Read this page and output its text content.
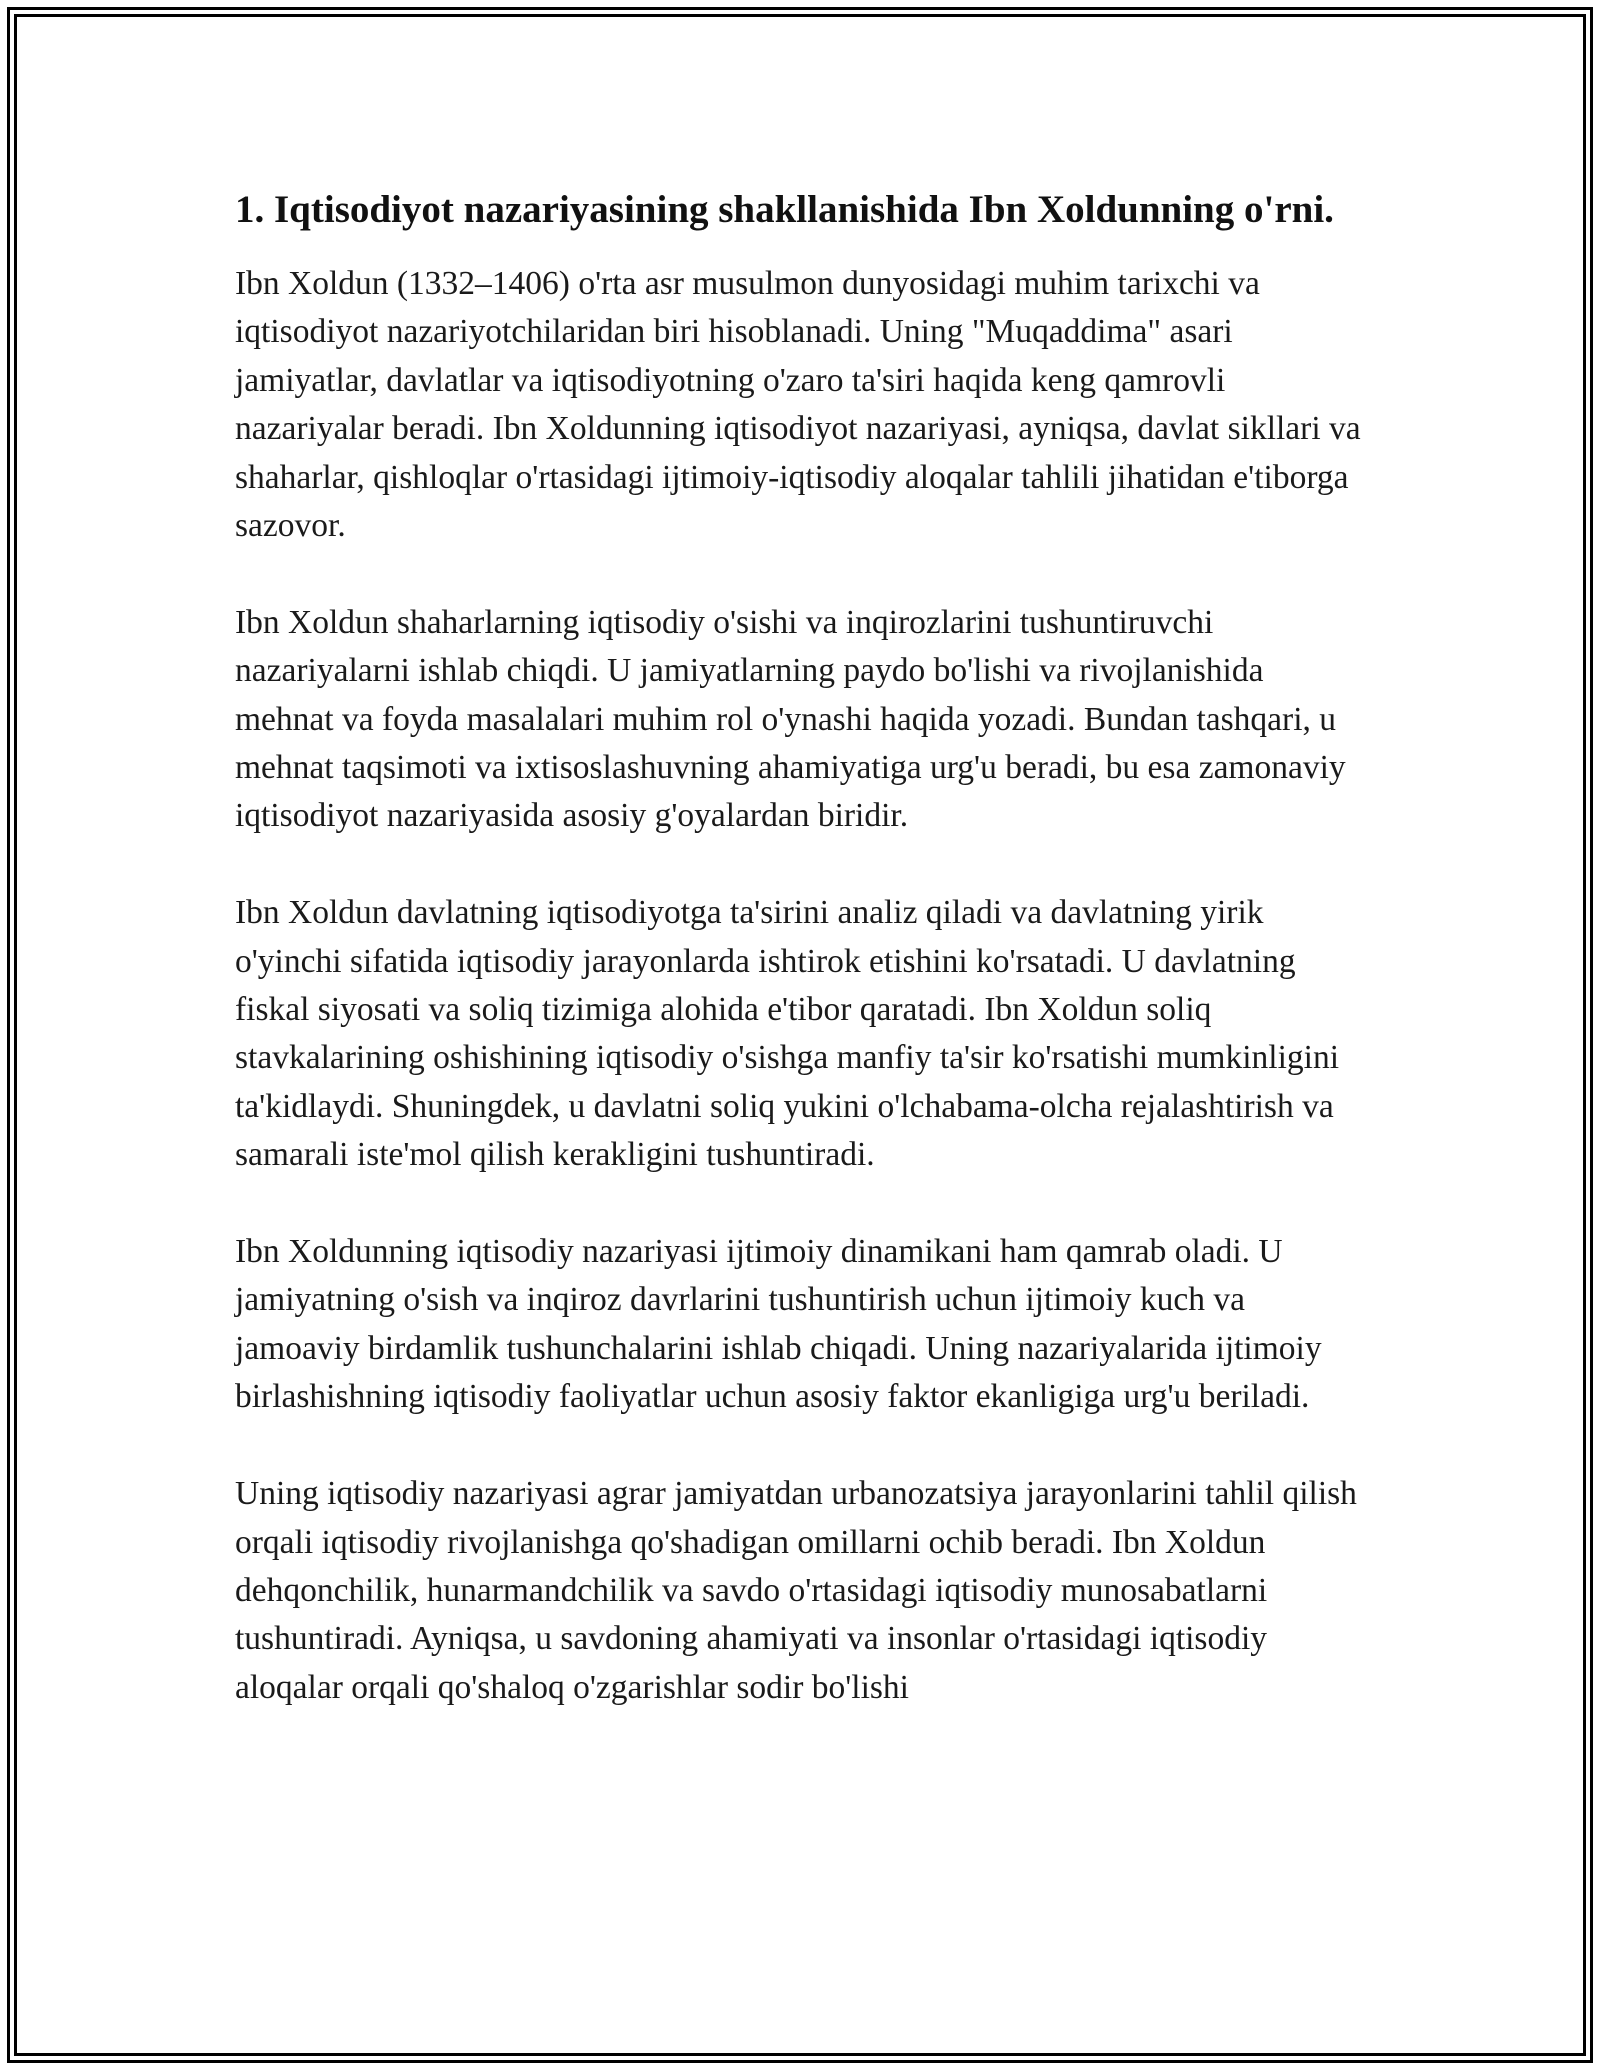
1. Iqtisodiyot nazariyasining shakllanishida Ibn Xoldunning o'rni.

Ibn Xoldun (1332–1406) o'rta asr musulmon dunyosidagi muhim tarixchi va iqtisodiyot nazariyotchilaridan biri hisoblanadi. Uning "Muqaddima" asari jamiyatlar, davlatlar va iqtisodiyotning o'zaro ta'siri haqida keng qamrovli nazariyalar beradi. Ibn Xoldunning iqtisodiyot nazariyasi, ayniqsa, davlat sikllari va shaharlar, qishloqlar o'rtasidagi ijtimoiy-iqtisodiy aloqalar tahlili jihatidan e'tiborga sazovor.

Ibn Xoldun shaharlarning iqtisodiy o'sishi va inqirozlarini tushuntiruvchi nazariyalarni ishlab chiqdi. U jamiyatlarning paydo bo'lishi va rivojlanishida mehnat va foyda masalalari muhim rol o'ynashi haqida yozadi. Bundan tashqari, u mehnat taqsimoti va ixtisoslashuvning ahamiyatiga urg'u beradi, bu esa zamonaviy iqtisodiyot nazariyasida asosiy g'oyalardan biridir.

Ibn Xoldun davlatning iqtisodiyotga ta'sirini analiz qiladi va davlatning yirik o'yinchi sifatida iqtisodiy jarayonlarda ishtirok etishini ko'rsatadi. U davlatning fiskal siyosati va soliq tizimiga alohida e'tibor qaratadi. Ibn Xoldun soliq stavkalarining oshishining iqtisodiy o'sishga manfiy ta'sir ko'rsatishi mumkinligini ta'kidlaydi. Shuningdek, u davlatni soliq yukini o'lchabama-olcha rejalashtirish va samarali iste'mol qilish kerakligini tushuntiradi.

Ibn Xoldunning iqtisodiy nazariyasi ijtimoiy dinamikani ham qamrab oladi. U jamiyatning o'sish va inqiroz davrlarini tushuntirish uchun ijtimoiy kuch va jamoaviy birdamlik tushunchalarini ishlab chiqadi. Uning nazariyalarida ijtimoiy birlashishning iqtisodiy faoliyatlar uchun asosiy faktor ekanligiga urg'u beriladi.

Uning iqtisodiy nazariyasi agrar jamiyatdan urbanozatsiya jarayonlarini tahlil qilish orqali iqtisodiy rivojlanishga qo'shadigan omillarni ochib beradi. Ibn Xoldun dehqonchilik, hunarmandchilik va savdo o'rtasidagi iqtisodiy munosabatlarni tushuntiradi. Ayniqsa, u savdoning ahamiyati va insonlar o'rtasidagi iqtisodiy aloqalar orqali qo'shaloq o'zgarishlar sodir bo'lishi
